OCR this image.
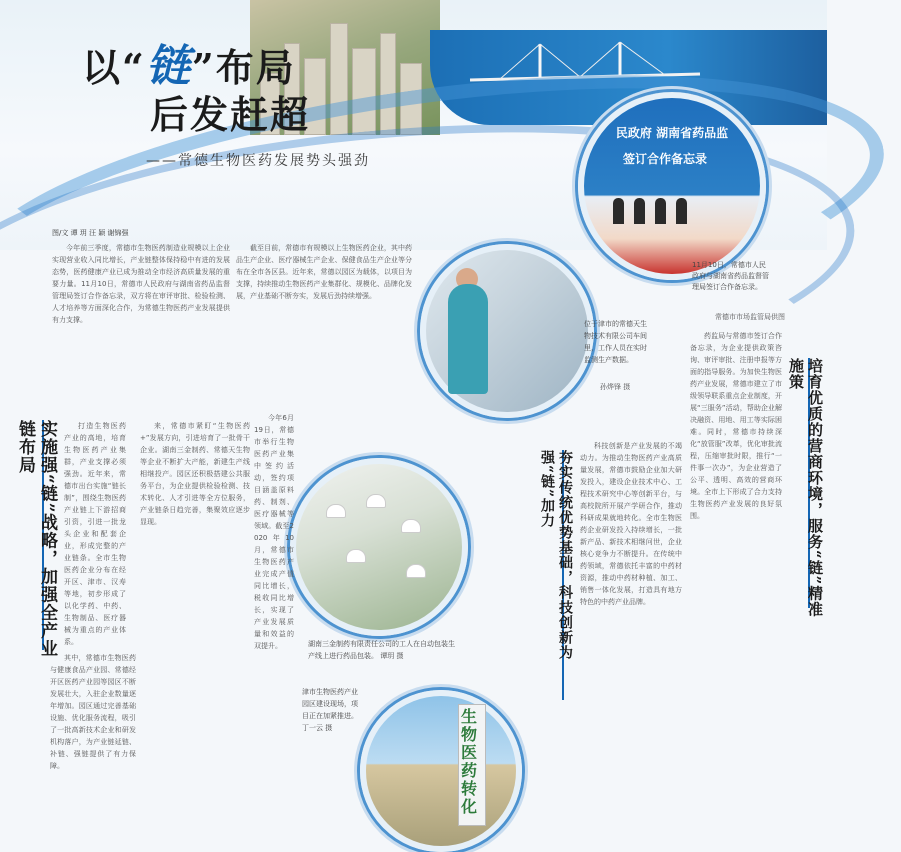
以“链”布局
后发赶超
——常德生物医药发展势头强劲
图/文 谭 玥 汪 颖 谢锦强
民政府 湖南省药品监
签订合作备忘录
11月10日，常德市人民政府与湖南省药品监督管理局签订合作备忘录。
常德市市场监管局供图
位于津市的常德天生物技术有限公司车间里，工作人员在实时监测生产数据。
孙烨锋 摄
湖南三金制药有限责任公司的工人在自动包装生产线上进行药品包装。 谭玥 摄
生物医药转化
津市生物医药产业园区建设现场，项目正在加紧推进。 丁一云 摄
实施强“链”战略，加强全产业链布局
夯实传统优势基础，科技创新为强“链”加力	培育优质的营商环境，服务“链”精准施策

今年前三季度，常德市生物医药制造业规模以上企业实现营业收入同比增长，产业链整体保持稳中有进的发展态势，医药健康产业已成为推动全市经济高质量发展的重要力量。11月10日，常德市人民政府与湖南省药品监督管理局签订合作备忘录，双方将在审评审批、检验检测、人才培养等方面深化合作，为常德生物医药产业发展提供有力支撑。

截至目前，常德市有规模以上生物医药企业，其中药品生产企业、医疗器械生产企业、保健食品生产企业等分布在全市各区县。近年来，常德以园区为载体，以项目为支撑，持续推动生物医药产业集群化、规模化、品牌化发展，产业基础不断夯实，发展后劲持续增强。

打造生物医药产业的高地，培育生物医药产业集群，产业支撑必须强劲。近年来，常德市出台实施“链长制”，围绕生物医药产业链上下游招商引资，引进一批龙头企业和配套企业，形成完整的产业链条。全市生物医药企业分布在经开区、津市、汉寿等地，初步形成了以化学药、中药、生物制品、医疗器械为重点的产业体系。

其中，常德市生物医药与健康食品产业园、常德经开区医药产业园等园区不断发展壮大，入驻企业数量逐年增加。园区通过完善基础设施、优化服务流程，吸引了一批高新技术企业和研发机构落户，为产业链延链、补链、强链提供了有力保障。

来，常德市紧盯“生物医药+”发展方向，引进培育了一批骨干企业。湖南三金制药、常德天生物等企业不断扩大产能，新建生产线相继投产。园区还积极搭建公共服务平台，为企业提供检验检测、技术转化、人才引进等全方位服务，产业链条日趋完善，集聚效应逐步显现。

今年6月19日，常德市举行生物医药产业集中签约活动，签约项目涵盖原料药、制剂、医疗器械等领域。截至2020年10月，常德市生物医药产业完成产值同比增长，税收同比增长，实现了产业发展质量和效益的双提升。

科技创新是产业发展的不竭动力。为推动生物医药产业高质量发展，常德市鼓励企业加大研发投入，建设企业技术中心、工程技术研究中心等创新平台，与高校院所开展产学研合作，推动科研成果就地转化。全市生物医药企业研发投入持续增长，一批新产品、新技术相继问世，企业核心竞争力不断提升。在传统中药领域，常德依托丰富的中药材资源，推动中药材种植、加工、销售一体化发展，打造具有地方特色的中药产业品牌。

药监局与常德市签订合作备忘录，为企业提供政策咨询、审评审批、注册申报等方面的指导服务。为加快生物医药产业发展，常德市建立了市级领导联系重点企业制度，开展“三服务”活动，帮助企业解决融资、用地、用工等实际困难。同时，常德市持续深化“放管服”改革，优化审批流程，压缩审批时限，推行“一件事一次办”，为企业营造了公平、透明、高效的营商环境。全市上下形成了合力支持生物医药产业发展的良好氛围。
